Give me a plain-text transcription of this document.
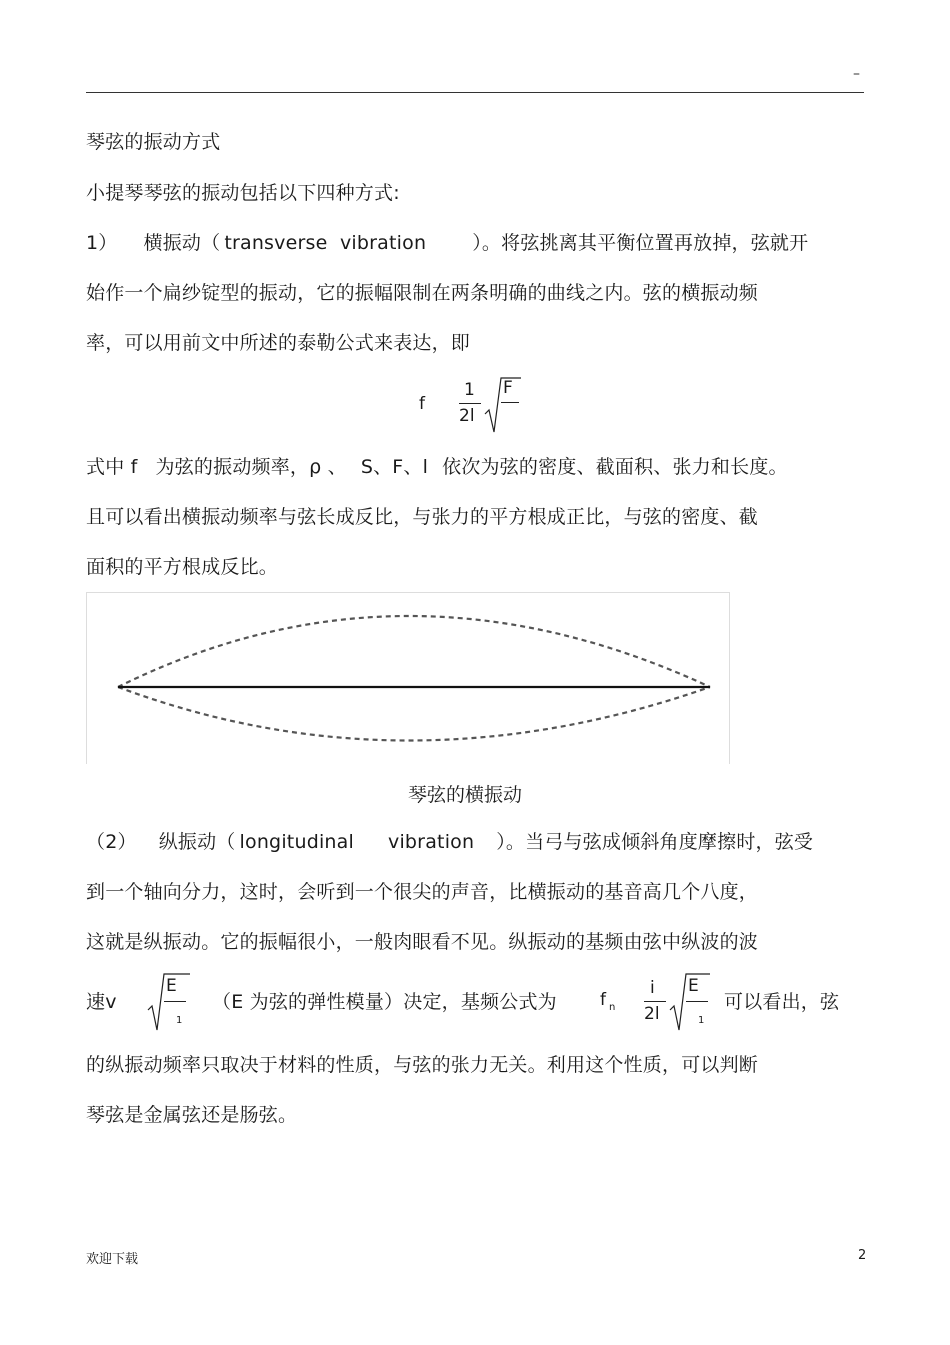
–
琴弦的振动方式
小提琴琴弦的振动包括以下四种方式:
1） 横振动（ transverse  vibration ）。将弦挑离其平衡位置再放掉，弦就开
始作一个扁纱锭型的振动，它的振幅限制在两条明确的曲线之内。弦的横振动频
率，可以用前文中所述的泰勒公式来表达，即
f
1
2l
F
式中 f 为弦的振动频率，ρ 、 S、F、l 依次为弦的密度、截面积、张力和长度。
且可以看出横振动频率与弦长成反比，与张力的平方根成正比，与弦的密度、截
面积的平方根成反比。
琴弦的横振动
（2） 纵振动（ longitudinal vibration ）。当弓与弦成倾斜角度摩擦时，弦受
到一个轴向分力，这时，会听到一个很尖的声音，比横振动的基音高几个八度，
这就是纵振动。它的振幅很小，一般肉眼看不见。纵振动的基频由弦中纵波的波
速v
E
1
（E 为弦的弹性模量）决定，基频公式为	f n
i
2l
E
1
可以看出，弦
的纵振动频率只取决于材料的性质，与弦的张力无关。利用这个性质，可以判断
琴弦是金属弦还是肠弦。
欢迎下载	2
